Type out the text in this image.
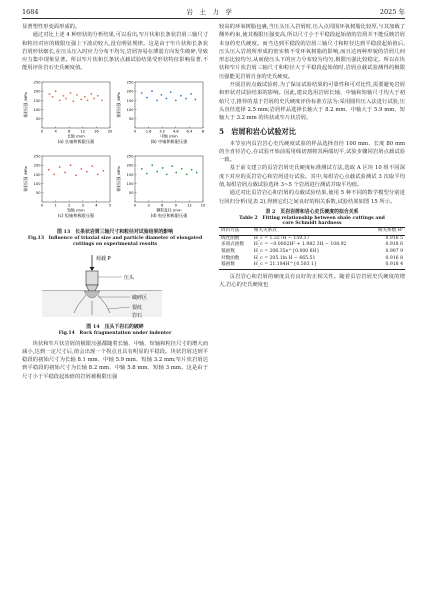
1684	岩　土　力　学	2025 年

显著塑性形变面形成的。

通过对比上述 4 种形状的分析结果,可以看出,窄片状和长条状岩屑三轴尺寸和粒径对应的极限压强上下波动较大,没有明显规律。这是由于窄片状和长条状岩屑形状细长,在压头压入时应力分布不均匀,岩屑容易在薄弱方向发生破碎,导致应力集中现象显著。所以窄片状和长条状点载试验结果受形状特征影响显著,不能用评价岩石史氏硬度值。

50
100
150
200
250
极限压强 /MPa
0	4	8	12	16	20
长轴 /mm
(a) 长轴和极限压强
50
100
150
200
250
极限压强 /MPa
0	1.6 3.2 4.8 6.4	8
中轴 /mm
(b) 中轴和极限压强
50
100
150
200
250
极限压强 /MPa
0	1	2	3	4	5
短轴 /mm
(c) 短轴和极限压强
50
100
150
200
250
极限压强 /MPa
0	3	6	9	12	15
颗粒直径 /mm
(d) 粒径和极限压强
图 13　长条状岩屑三轴尺寸和粒径对试验结果的影响
Fig.13　Influence of triaxial size and particle diameter of elongated cuttings on experimental results
荷载 P
压头
破碎区
裂纹
岩石
图 14　压头下岩石的破碎
Fig.14　Rock fragmentation under indenter

块状和窄片状岩屑的极限压强都随着长轴、中轴、短轴和粒径尺寸的增大而减小,达到一定尺寸后,值会出现一个拐点且具有明显的平稳段。块状岩屑达到平稳段的初始尺寸为长轴 8.1 mm、中轴 5.9 mm、短轴 3.2 mm;窄片状岩屑达到平稳段的初始尺寸为长轴 8.2 mm、中轴 5.8 mm、短轴 3 mm。这是由于尺寸小于平稳段起始值的岩屑被极限压强

较高的环氧树脂包裹,当压头压入岩屑时,压入点周围环氧树脂比较厚,与其加载了侧外约束,使其极限压强变高,所以尺寸小于平稳段起始值的岩屑并不能反映岩屑本身的史氏硬度。而当达到平稳段的岩屑三轴尺寸和粒径达到平稳段起始值后,压头压入岩屑所形成的密实核不受环氧树脂的影响,而且达再种形貌的岩屑几何形态比较均匀,从而使压头下的应力分布较为均匀,极限压强比较稳定。所以在块状和窄片状岩屑三轴尺寸和粒径大于平稳段起始值时,岩屑点载试验测得的极限压强能见岩屑自身的史氏硬度。

开展岩屑点载试验时,为了保证试验结果的可靠性和可对比性,需要避免岩屑和形状对试验结果的影响。因此,建议选用岩屑长轴、中轴和短轴尺寸均大于初始尺寸,推荐的基于岩屑的史氏硬度评价标准方法为:采用圆柱压入法进行试验,压头直径选择 2.5 mm;岩屑样品选择长轴大于 8.2 mm、中轴大于 5.9 mm、短轴大于 3.2 mm 的块状或窄片状岩屑。

5　岩屑和岩心试验对比

本节室内页岩岩心史氏硬度试验的样品选择直径 100 mm、长度 80 mm 的全直径岩心,在试验开始前需用线切割将其两端切平,试验步骤同岩屑点载试验一致。

基于前文建立的页岩岩屑史氏硬度标准测试方法,选取 A 区块 10 组不同深度下对应的页岩岩心和岩屑进行试验。其中,每组岩心点载试验测试 3 次取平均值,每组岩屑点载试验选择 3~5 个岩屑进行测试并取平均值。

通过对比页岩岩心和岩屑的点载试验结果,使用 5 种不同的数学模型分别进行回归分析(见表 2),得到它们之间良好的相关系数,试验结果如图 15 所示。

表 2　页岩岩屑和岩心史氏硬度的拟合关系
Table 2　Fitting relationship between shale cuttings and
core Schmidt hardness
回归方法	相关关系式	相关系数 R²
线性函数	H_c = 1.327H − 159.17	0.916 5
多项式函数	H_c = −0.0002H² + 1.982 3H − 108.92	0.918 6
幂函数	H_c = 206.35e^{0.000 8H}	0.907 9
对数函数	H_c = 205.1ln H − 665.51	0.916 8
幂函数	H_c = 21.184H^{0.503 1}	0.918 4

页岩岩心和岩屑的硬度具有良好的正相关性。随着页岩岩屑史氏硬度的增大,岩心的史氏硬度也
